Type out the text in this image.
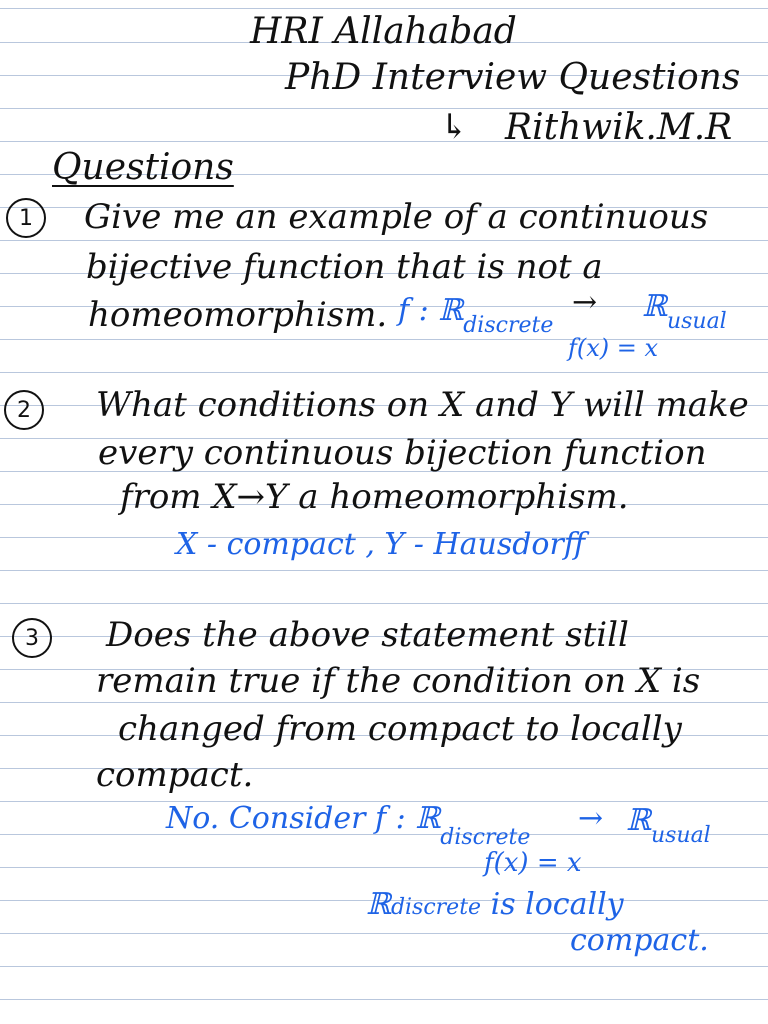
HRI Allahabad
PhD Interview Questions
↳ Rithwik.M.R
Questions
1	Give me an example of a continuous
bijective function that is not a
homeomorphism. f : ℝ$_{discrete}$
→ ℝ$_{usual}$
f(x) = x
2	What conditions on X and Y will make
every continuous bijection function
from X→Y a homeomorphism.
X - compact , Y - Hausdorff
3	Does the above statement still
remain true if the condition on X is
changed from compact to locally
compact.
No. Consider f : ℝ$_{discrete}$
→ ℝ$_{usual}$
f(x) = x
ℝdiscrete is locally
compact.
